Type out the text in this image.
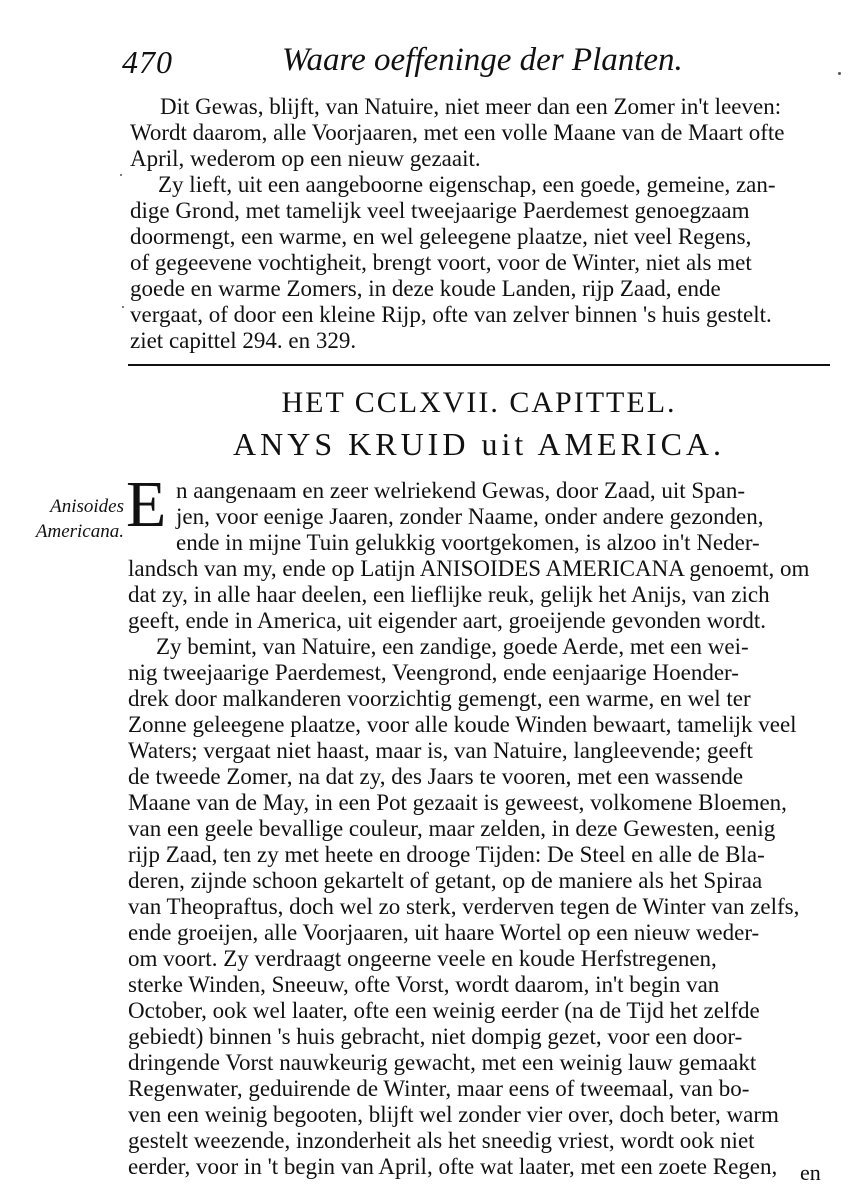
470	Waare oeffeninge der Planten.
Dit Gewas, blijft, van Natuire, niet meer dan een Zomer in't leeven:
Wordt daarom, alle Voorjaaren, met een volle Maane van de Maart ofte
April, wederom op een nieuw gezaait.
Zy lieft, uit een aangeboorne eigenschap, een goede, gemeine, zan-
dige Grond, met tamelijk veel tweejaarige Paerdemest genoegzaam
doormengt, een warme, en wel geleegene plaatze, niet veel Regens,
of gegeevene vochtigheit, brengt voort, voor de Winter, niet als met
goede en warme Zomers, in deze koude Landen, rijp Zaad, ende
vergaat, of door een kleine Rijp, ofte van zelver binnen 's huis gestelt.
ziet capittel 294. en 329.
HET CCLXVII. CAPITTEL.
ANYS KRUID uit AMERICA.
Anisoides
Americana. E n aangenaam en zeer welriekend Gewas, door Zaad, uit Span-
jen, voor eenige Jaaren, zonder Naame, onder andere gezonden,
ende in mijne Tuin gelukkig voortgekomen, is alzoo in't Neder-
landsch van my, ende op Latijn ANISOIDES AMERICANA genoemt, om
dat zy, in alle haar deelen, een lieflijke reuk, gelijk het Anijs, van zich
geeft, ende in America, uit eigender aart, groeijende gevonden wordt.
Zy bemint, van Natuire, een zandige, goede Aerde, met een wei-
nig tweejaarige Paerdemest, Veengrond, ende eenjaarige Hoender-
drek door malkanderen voorzichtig gemengt, een warme, en wel ter
Zonne geleegene plaatze, voor alle koude Winden bewaart, tamelijk veel
Waters; vergaat niet haast, maar is, van Natuire, langleevende; geeft
de tweede Zomer, na dat zy, des Jaars te vooren, met een wassende
Maane van de May, in een Pot gezaait is geweest, volkomene Bloemen,
van een geele bevallige couleur, maar zelden, in deze Gewesten, eenig
rijp Zaad, ten zy met heete en drooge Tijden: De Steel en alle de Bla-
deren, zijnde schoon gekartelt of getant, op de maniere als het Spiraa
van Theopraftus, doch wel zo sterk, verderven tegen de Winter van zelfs,
ende groeijen, alle Voorjaaren, uit haare Wortel op een nieuw weder-
om voort. Zy verdraagt ongeerne veele en koude Herfstregenen,
sterke Winden, Sneeuw, ofte Vorst, wordt daarom, in't begin van
October, ook wel laater, ofte een weinig eerder (na de Tijd het zelfde
gebiedt) binnen 's huis gebracht, niet dompig gezet, voor een door-
dringende Vorst nauwkeurig gewacht, met een weinig lauw gemaakt
Regenwater, geduirende de Winter, maar eens of tweemaal, van bo-
ven een weinig begooten, blijft wel zonder vier over, doch beter, warm
gestelt weezende, inzonderheit als het sneedig vriest, wordt ook niet
eerder, voor in 't begin van April, ofte wat laater, met een zoete Regen, en
